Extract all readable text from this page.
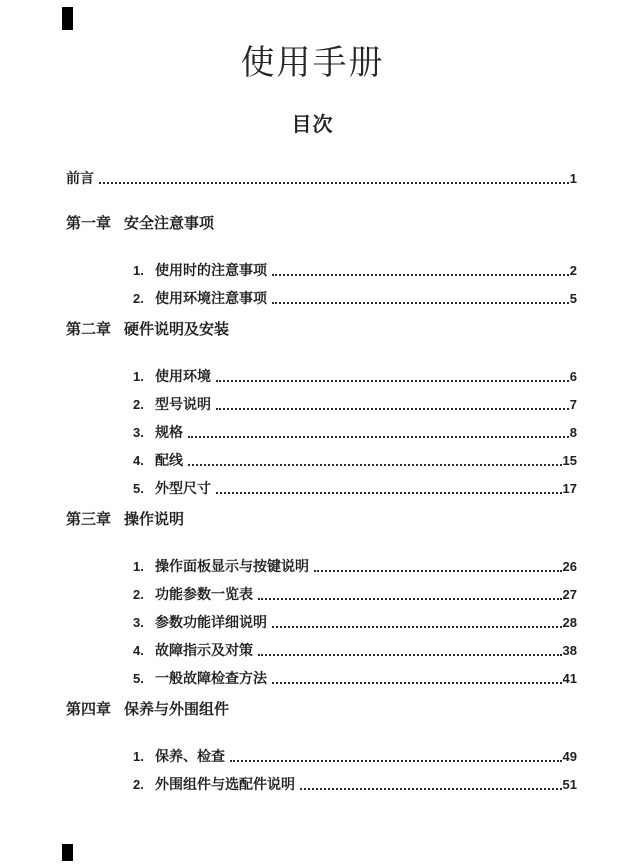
使用手册
目次
前言	1
第一章 安全注意事项
1. 使用时的注意事项	2
2. 使用环境注意事项	5
第二章 硬件说明及安装
1. 使用环境	6
2. 型号说明	7
3. 规格	8
4. 配线	15
5. 外型尺寸	17
第三章 操作说明
1. 操作面板显示与按键说明	26
2. 功能参数一览表	27
3. 参数功能详细说明	28
4. 故障指示及对策	38
5. 一般故障检查方法	41
第四章 保养与外围组件
1. 保养、检查	49
2. 外围组件与选配件说明	51
